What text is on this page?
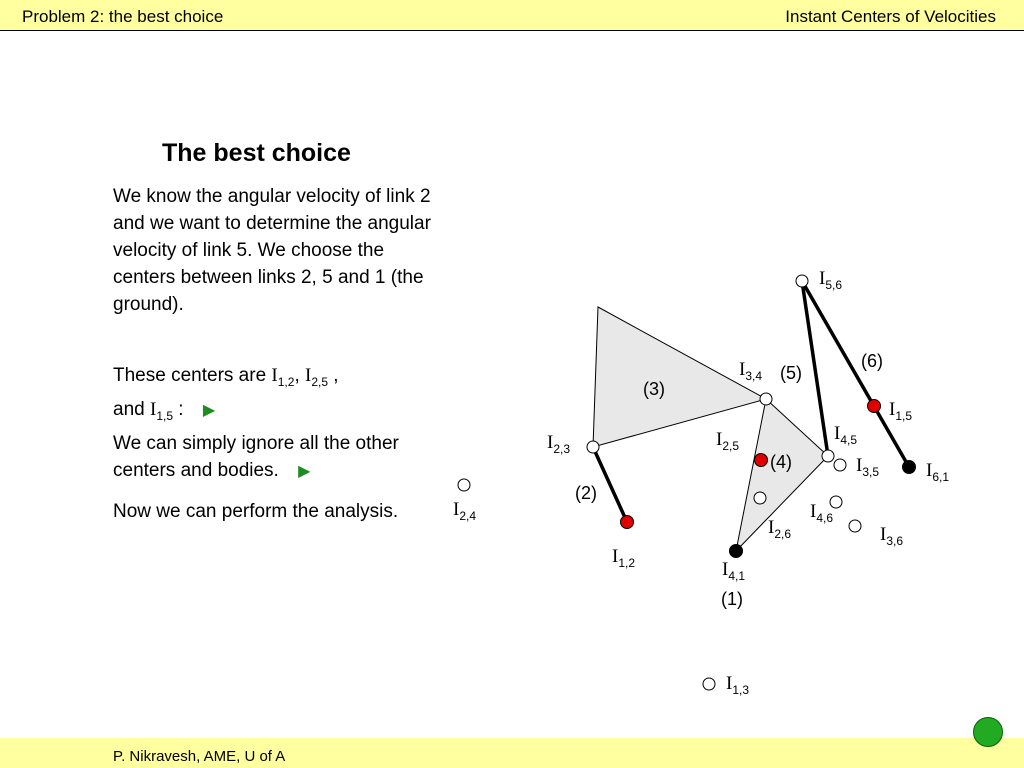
Problem 2: the best choice	Instant Centers of Velocities
The best choice
We know the angular velocity of link 2 and we want to determine the angular velocity of link 5. We choose the centers between links 2, 5 and 1 (the ground).
These centers are $I_{1,2}$, $I_{2,5}$ ,
and $I_{1,5}$ : ▶
We can simply ignore all the other centers and bodies. ▶
Now we can perform the analysis.
$I_{5,6}$
$I_{3,4}$
$I_{1,5}$
$I_{2,3}$	$I_{2,5}$
$I_{4,5}$
$I_{3,5}$ $I_{6,1}$
$I_{2,4}$	$I_{4,6}$
$I_{2,6}$	$I_{3,6}$
$I_{1,2}$	$I_{4,1}$
$I_{1,3}$
(1)
(2)
(3)
(4)
(5)
(6)
P. Nikravesh, AME, U of A
